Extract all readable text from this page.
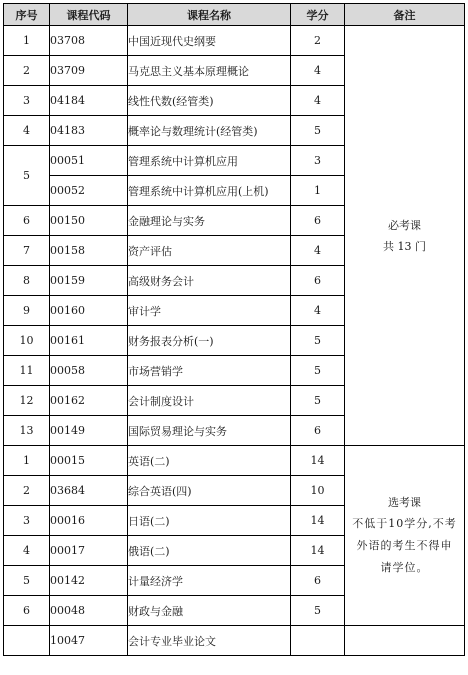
序号	课程代码	课程名称	学分	备注
1	03708	中国近现代史纲要	2	必考课
共 13 门

2	03709	马克思主义基本原理概论	4	
3	04184	线性代数(经管类)	4	
4	04183	概率论与数理统计(经管类)	5	
5	00051	管理系统中计算机应用	3	
	00052	管理系统中计算机应用(上机)	1	
6	00150	金融理论与实务	6	
7	00158	资产评估	4	
8	00159	高级财务会计	6	
9	00160	审计学	4	
10	00161	财务报表分析(一)	5	
11	00058	市场营销学	5	
12	00162	会计制度设计	5	
13	00149	国际贸易理论与实务	6	
1	00015	英语(二)	14	选考课
不低于10学分,不考
外语的考生不得申
请学位。

2	03684	综合英语(四)	10	
3	00016	日语(二)	14	
4	00017	俄语(二)	14	
5	00142	计量经济学	6	
6	00048	财政与金融	5	
	10047	会计专业毕业论文		
